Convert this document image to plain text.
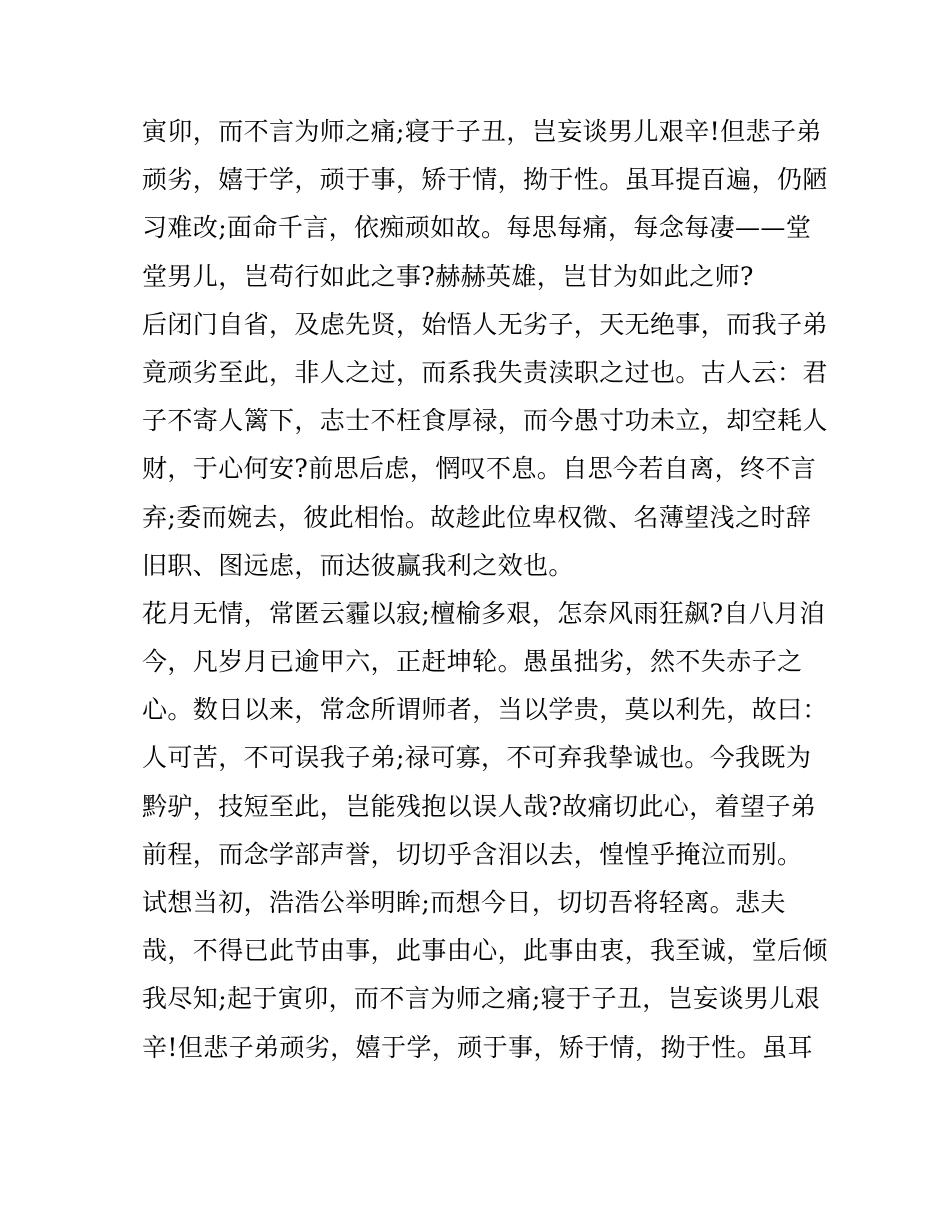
寅卯，而不言为师之痛;寝于子丑，岂妄谈男儿艰辛!但悲子弟
顽劣，嬉于学，顽于事，矫于情，拗于性。虽耳提百遍，仍陋
习难改;面命千言，依痴顽如故。每思每痛，每念每凄——堂
堂男儿，岂苟行如此之事?赫赫英雄，岂甘为如此之师?
后闭门自省，及虑先贤，始悟人无劣子，天无绝事，而我子弟
竟顽劣至此，非人之过，而系我失责渎职之过也。古人云：君
子不寄人篱下，志士不枉食厚禄，而今愚寸功未立，却空耗人
财，于心何安?前思后虑，惘叹不息。自思今若自离，终不言
弃;委而婉去，彼此相怡。故趁此位卑权微、名薄望浅之时辞
旧职、图远虑，而达彼赢我利之效也。
花月无情，常匿云霾以寂;檀榆多艰，怎奈风雨狂飙?自八月洎
今，凡岁月已逾甲六，正赶坤轮。愚虽拙劣，然不失赤子之
心。数日以来，常念所谓师者，当以学贵，莫以利先，故曰：
人可苦，不可误我子弟;禄可寡，不可弃我挚诚也。今我既为
黔驴，技短至此，岂能残抱以误人哉?故痛切此心，着望子弟
前程，而念学部声誉，切切乎含泪以去，惶惶乎掩泣而别。
试想当初，浩浩公举明眸;而想今日，切切吾将轻离。悲夫
哉，不得已此节由事，此事由心，此事由衷，我至诚，堂后倾
我尽知;起于寅卯，而不言为师之痛;寝于子丑，岂妄谈男儿艰
辛!但悲子弟顽劣，嬉于学，顽于事，矫于情，拗于性。虽耳
